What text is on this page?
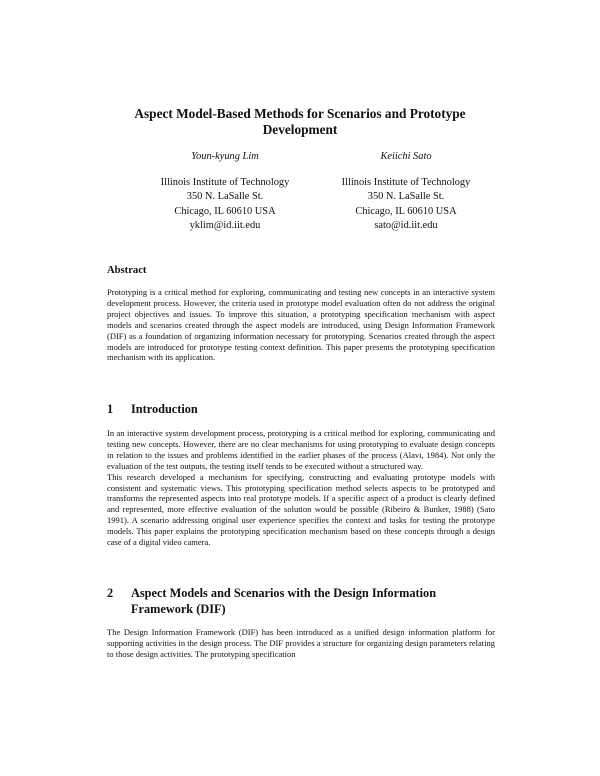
Aspect Model-Based Methods for Scenarios and Prototype Development
Youn-kyung Lim
Illinois Institute of Technology
350 N. LaSalle St.
Chicago, IL 60610 USA
yklim@id.iit.edu
Keiichi Sato
Illinois Institute of Technology
350 N. LaSalle St.
Chicago, IL 60610 USA
sato@id.iit.edu
Abstract
Prototyping is a critical method for exploring, communicating and testing new concepts in an interactive system development process. However, the criteria used in prototype model evaluation often do not address the original project objectives and issues. To improve this situation, a prototyping specification mechanism with aspect models and scenarios created through the aspect models are introduced, using Design Information Framework (DIF) as a foundation of organizing information necessary for prototyping. Scenarios created through the aspect models are introduced for prototype testing context definition. This paper presents the prototyping specification mechanism with its application.
1 Introduction
In an interactive system development process, prototyping is a critical method for exploring, communicating and testing new concepts. However, there are no clear mechanisms for using prototyping to evaluate design concepts in relation to the issues and problems identified in the earlier phases of the process (Alavi, 1984). Not only the evaluation of the test outputs, the testing itself tends to be executed without a structured way.
This research developed a mechanism for specifying, constructing and evaluating prototype models with consistent and systematic views. This prototyping specification method selects aspects to be prototyped and transforms the represented aspects into real prototype models. If a specific aspect of a product is clearly defined and represented, more effective evaluation of the solution would be possible (Ribeiro & Bunker, 1988) (Sato 1991). A scenario addressing original user experience specifies the context and tasks for testing the prototype models. This paper explains the prototyping specification mechanism based on these concepts through a design case of a digital video camera.
2 Aspect Models and Scenarios with the Design Information
Framework (DIF)
The Design Information Framework (DIF) has been introduced as a unified design information platform for supporting activities in the design process. The DIF provides a structure for organizing design parameters relating to those design activities. The prototyping specification
